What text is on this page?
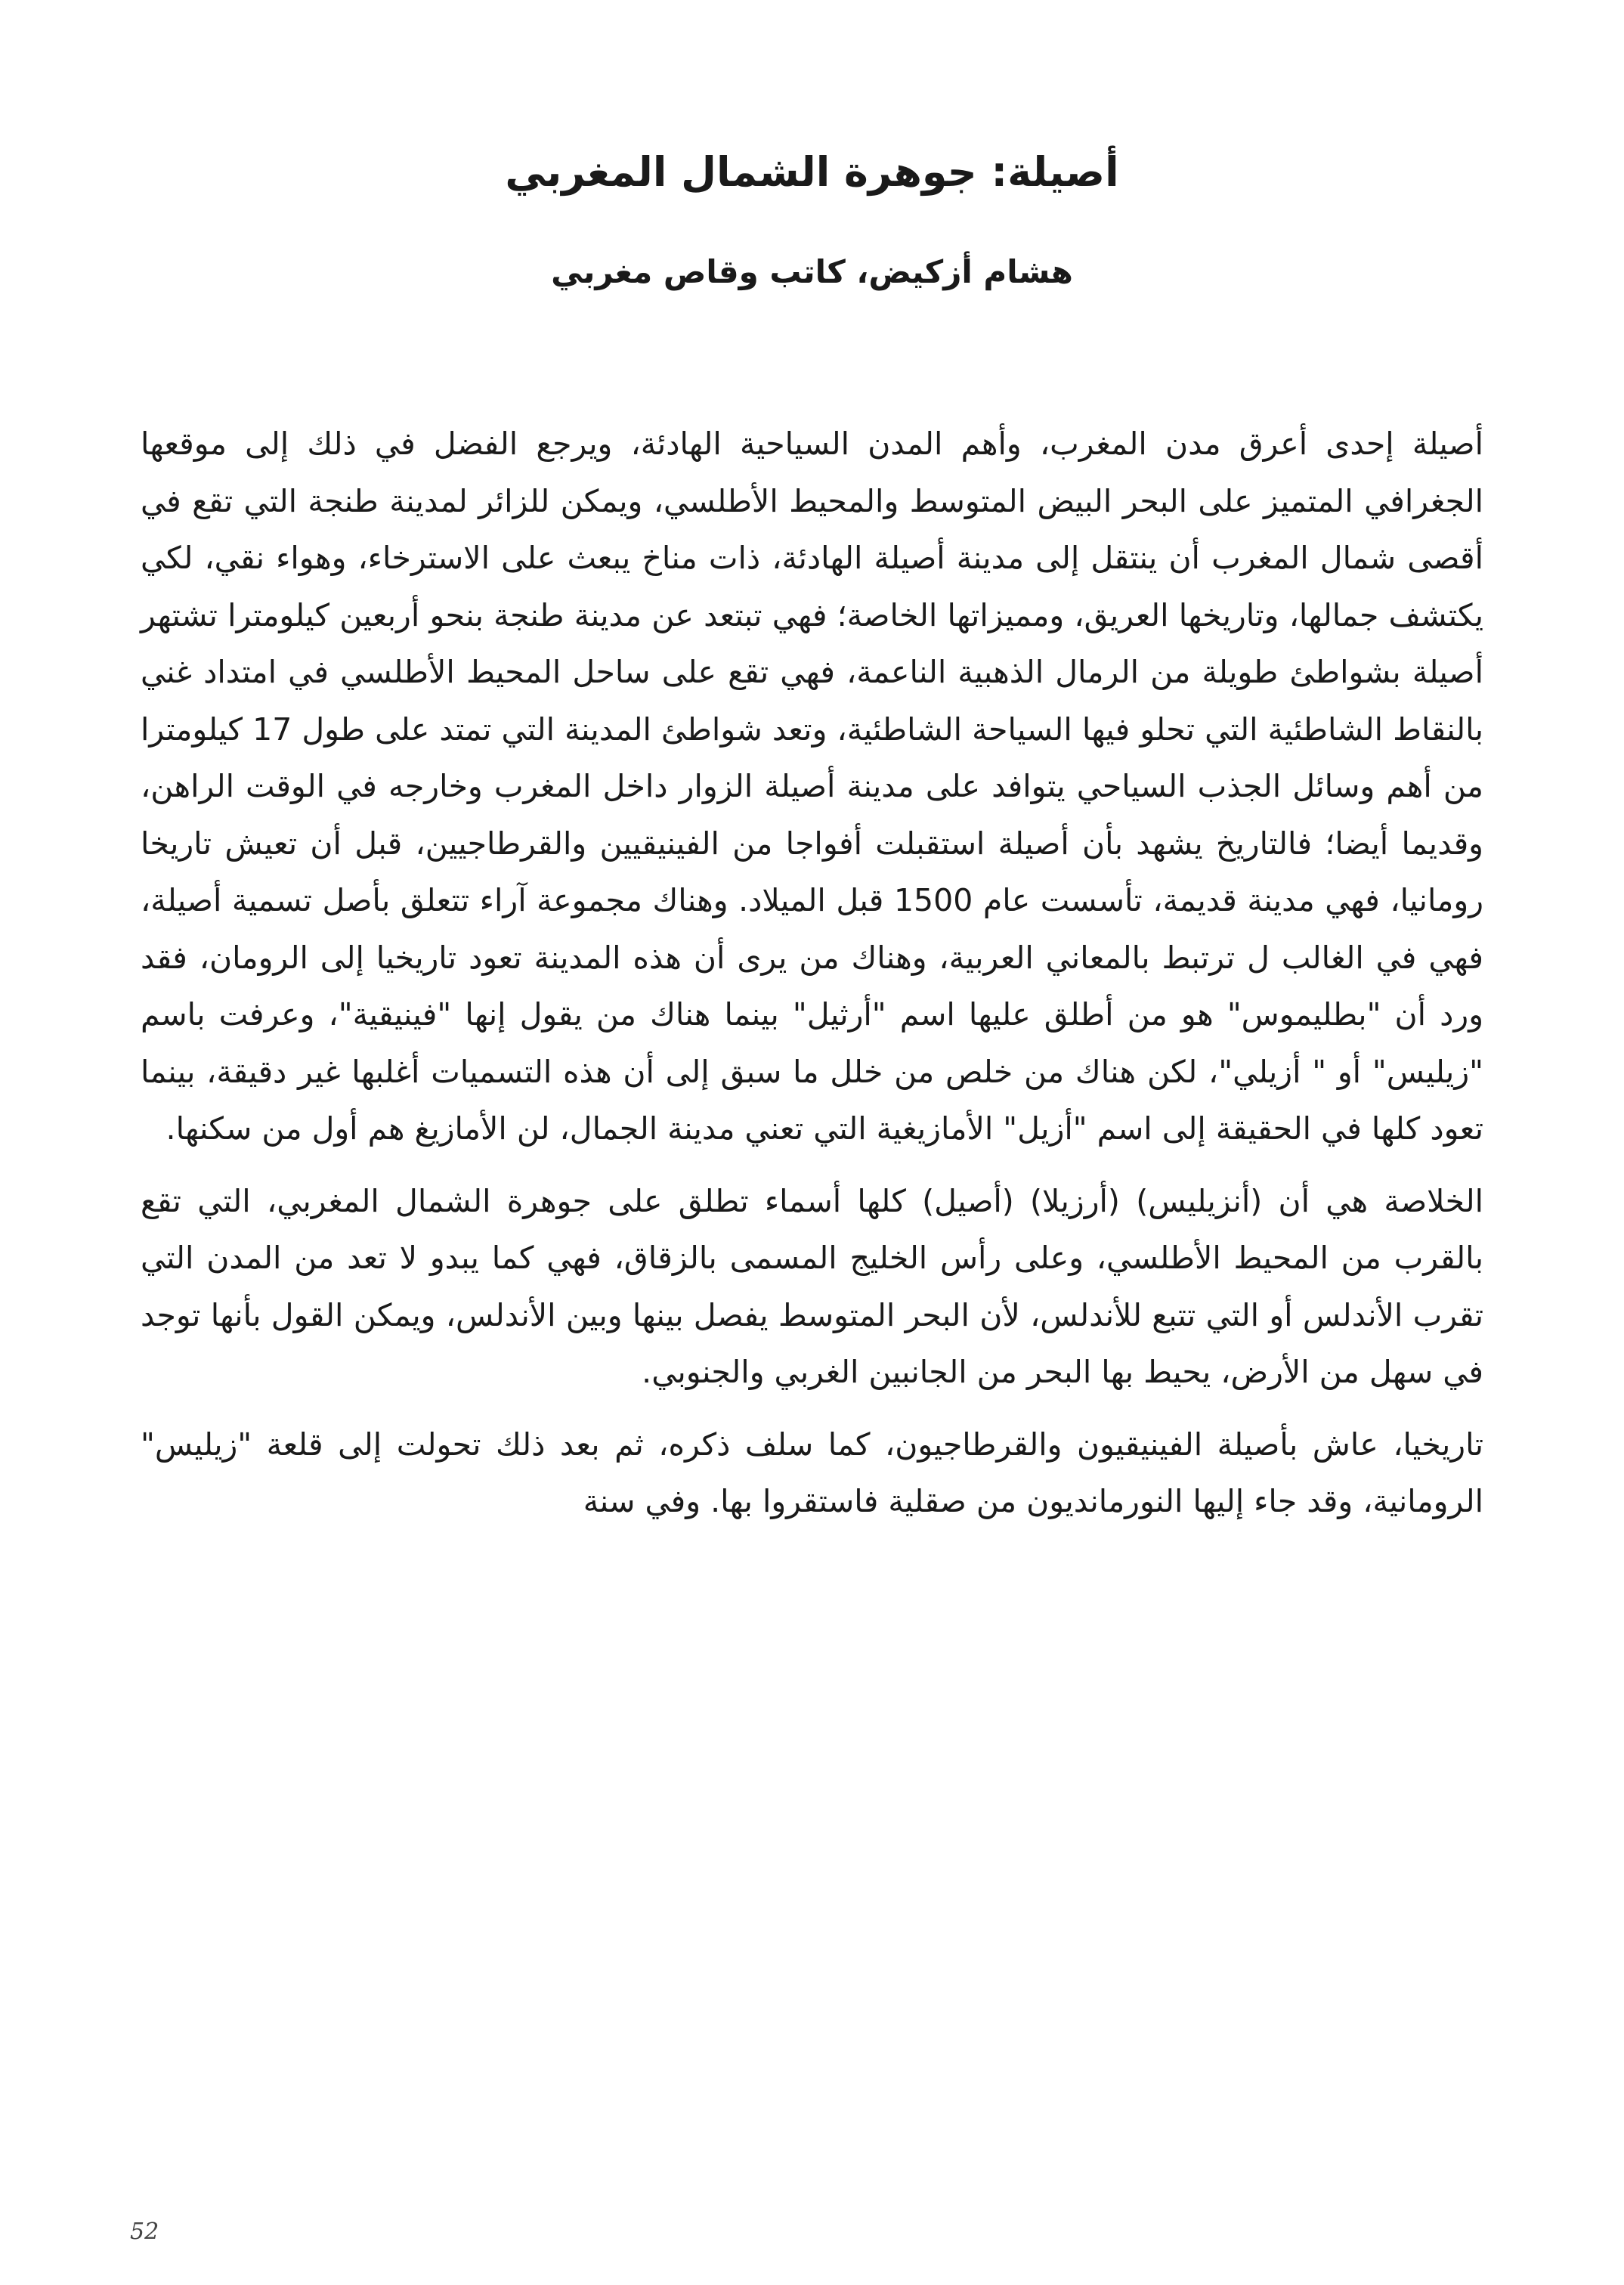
أصيلة: جوهرة الشمال المغربي
هشام أزكيض، كاتب وقاص مغربي

أصيلة إحدى أعرق مدن المغرب، وأهم المدن السياحية الهادئة، ويرجع الفضل في ذلك إلى موقعها الجغرافي المتميز على البحر البيض المتوسط والمحيط الأطلسي، ويمكن للزائر لمدينة طنجة التي تقع في أقصى شمال المغرب أن ينتقل إلى مدينة أصيلة الهادئة، ذات مناخ يبعث على الاسترخاء، وهواء نقي، لكي يكتشف جمالها، وتاريخها العريق، ومميزاتها الخاصة؛ فهي تبتعد عن مدينة طنجة بنحو أربعين كيلومترا تشتهر أصيلة بشواطئ طويلة من الرمال الذهبية الناعمة، فهي تقع على ساحل المحيط الأطلسي في امتداد غني بالنقاط الشاطئية التي تحلو فيها السياحة الشاطئية، وتعد شواطئ المدينة التي تمتد على طول 17 كيلومترا من أهم وسائل الجذب السياحي يتوافد على مدينة أصيلة الزوار داخل المغرب وخارجه في الوقت الراهن، وقديما أيضا؛ فالتاريخ يشهد بأن أصيلة استقبلت أفواجا من الفينيقيين والقرطاجيين، قبل أن تعيش تاريخا رومانيا، فهي مدينة قديمة، تأسست عام 1500 قبل الميلاد. وهناك مجموعة آراء تتعلق بأصل تسمية أصيلة، فهي في الغالب ل ترتبط بالمعاني العربية، وهناك من يرى أن هذه المدينة تعود تاريخيا إلى الرومان، فقد ورد أن "بطليموس" هو من أطلق عليها اسم "أرثيل" بينما هناك من يقول إنها "فينيقية"، وعرفت باسم "زيليس" أو " أزيلي"، لكن هناك من خلص من خلل ما سبق إلى أن هذه التسميات أغلبها غير دقيقة، بينما تعود كلها في الحقيقة إلى اسم "أزيل" الأمازيغية التي تعني مدينة الجمال، لن الأمازيغ هم أول من سكنها.

الخلاصة هي أن (أنزيليس) (أرزيلا) (أصيل) كلها أسماء تطلق على جوهرة الشمال المغربي، التي تقع بالقرب من المحيط الأطلسي، وعلى رأس الخليج المسمى بالزقاق، فهي كما يبدو لا تعد من المدن التي تقرب الأندلس أو التي تتبع للأندلس، لأن البحر المتوسط يفصل بينها وبين الأندلس، ويمكن القول بأنها توجد في سهل من الأرض، يحيط بها البحر من الجانبين الغربي والجنوبي.

تاريخيا، عاش بأصيلة الفينيقيون والقرطاجيون، كما سلف ذكره، ثم بعد ذلك تحولت إلى قلعة "زيليس" الرومانية، وقد جاء إليها النورمانديون من صقلية فاستقروا بها. وفي سنة

52
